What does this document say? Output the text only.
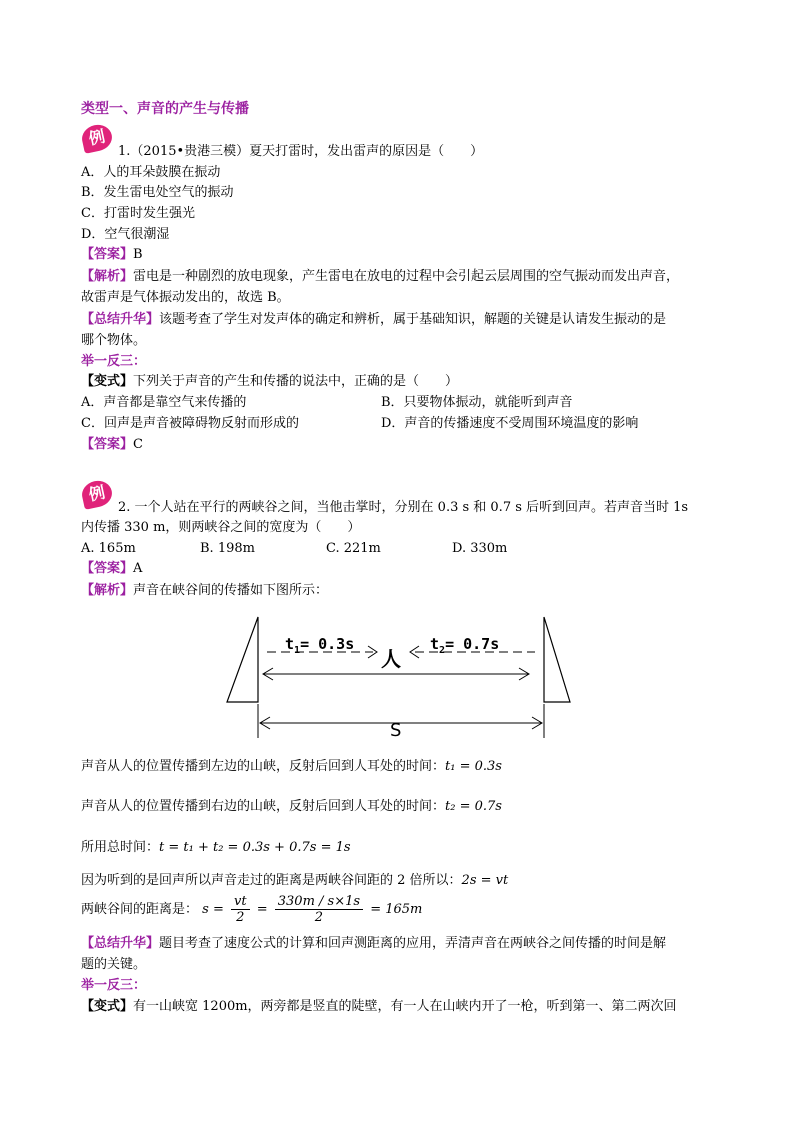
类型一、声音的产生与传播
例
1.（2015•贵港三模）夏天打雷时，发出雷声的原因是（　　）
A．人的耳朵鼓膜在振动
B．发生雷电处空气的振动
C．打雷时发生强光
D．空气很潮湿
【答案】B
【解析】雷电是一种剧烈的放电现象，产生雷电在放电的过程中会引起云层周围的空气振动而发出声音，
故雷声是气体振动发出的，故选 B。
【总结升华】该题考查了学生对发声体的确定和辨析，属于基础知识，解题的关键是认请发生振动的是
哪个物体。
举一反三：
【变式】下列关于声音的产生和传播的说法中，正确的是（　　）
A．声音都是靠空气来传播的	B．只要物体振动，就能听到声音
C．回声是声音被障碍物反射而形成的	D．声音的传播速度不受周围环境温度的影响
【答案】C
例
2. 一个人站在平行的两峡谷之间，当他击掌时，分别在 0.3 s 和 0.7 s 后听到回声。若声音当时 1s
内传播 330 m，则两峡谷之间的宽度为（　　）
A. 165m	B. 198m	C. 221m	D. 330m
【答案】A
【解析】声音在峡谷间的传播如下图所示：
$t_1= 0.3s$	$t_2= 0.7s$
人
S
声音从人的位置传播到左边的山峡，反射后回到人耳处的时间：t₁ = 0.3s
声音从人的位置传播到右边的山峡，反射后回到人耳处的时间：t₂ = 0.7s
所用总时间：t = t₁ + t₂ = 0.3s + 0.7s = 1s
因为听到的是回声所以声音走过的距离是两峡谷间距的 2 倍所以：2s = vt
两峡谷间的距离是： $s = \frac{vt}{2} = \frac{330m / s\times 1s}{2} = 165m$
【总结升华】题目考查了速度公式的计算和回声测距离的应用，弄清声音在两峡谷之间传播的时间是解
题的关键。
举一反三：
【变式】有一山峡宽 1200m，两旁都是竖直的陡壁，有一人在山峡内开了一枪，听到第一、第二两次回
